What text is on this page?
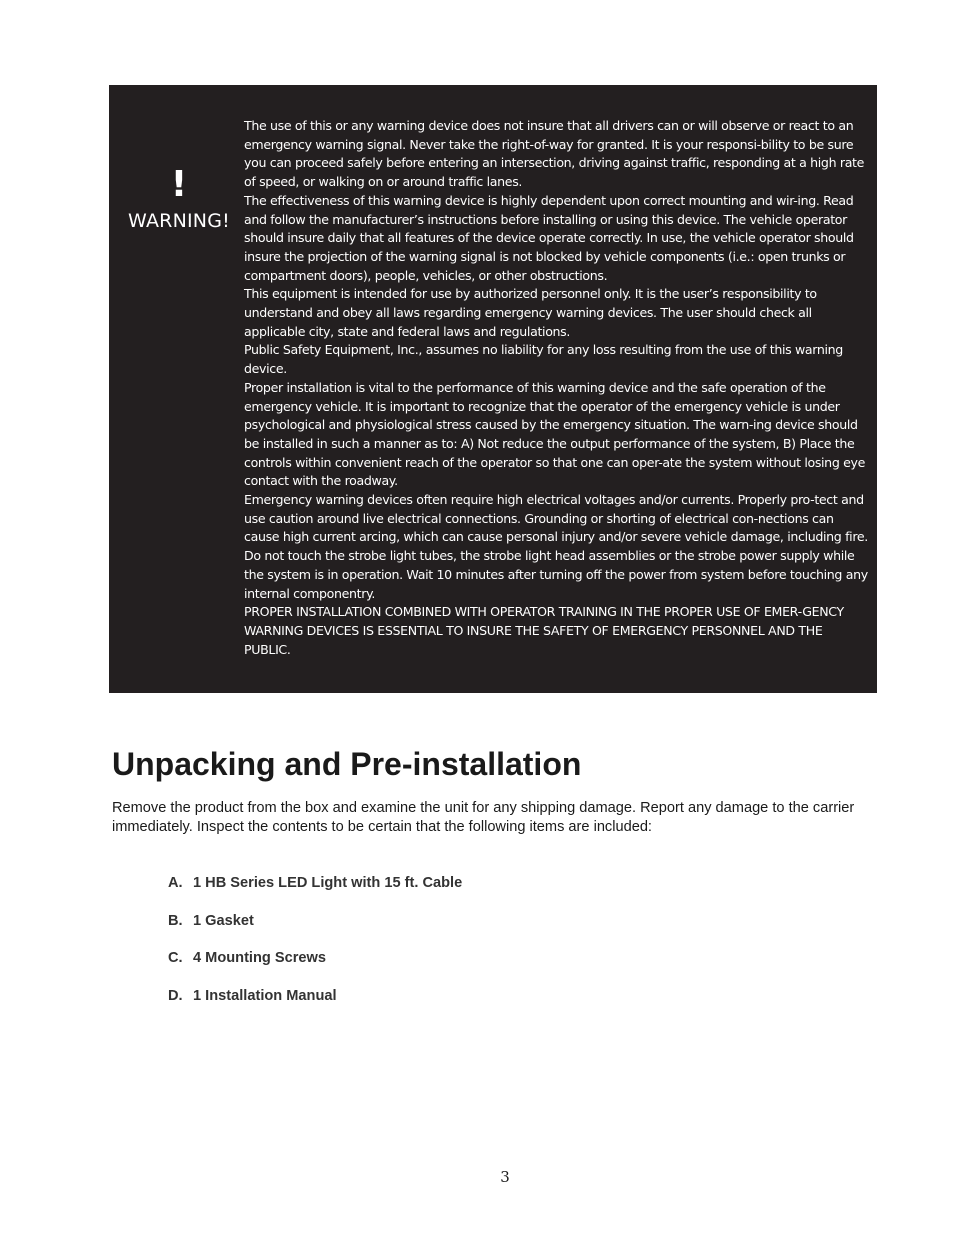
!
WARNING!

The use of this or any warning device does not insure that all drivers can or will observe or react to an emergency warning signal. Never take the right-of-way for granted. It is your responsi-bility to be sure you can proceed safely before entering an intersection, driving against traffic, responding at a high rate of speed, or walking on or around traffic lanes.

The effectiveness of this warning device is highly dependent upon correct mounting and wir-ing. Read and follow the manufacturer’s instructions before installing or using this device. The vehicle operator should insure daily that all features of the device operate correctly. In use, the vehicle operator should insure the projection of the warning signal is not blocked by vehicle components (i.e.: open trunks or compartment doors), people, vehicles, or other obstructions.

This equipment is intended for use by authorized personnel only. It is the user’s responsibility to understand and obey all laws regarding emergency warning devices. The user should check all applicable city, state and federal laws and regulations.

Public Safety Equipment, Inc., assumes no liability for any loss resulting from the use of this warning device.

Proper installation is vital to the performance of this warning device and the safe operation of the emergency vehicle. It is important to recognize that the operator of the emergency vehicle is under psychological and physiological stress caused by the emergency situation. The warn-ing device should be installed in such a manner as to: A) Not reduce the output performance of the system, B) Place the controls within convenient reach of the operator so that one can oper-ate the system without losing eye contact with the roadway.

Emergency warning devices often require high electrical voltages and/or currents. Properly pro-tect and use caution around live electrical connections. Grounding or shorting of electrical con-nections can cause high current arcing, which can cause personal injury and/or severe vehicle damage, including fire. Do not touch the strobe light tubes, the strobe light head assemblies or the strobe power supply while the system is in operation. Wait 10 minutes after turning off the power from system before touching any internal componentry.

PROPER INSTALLATION COMBINED WITH OPERATOR TRAINING IN THE PROPER USE OF EMER-GENCY WARNING DEVICES IS ESSENTIAL TO INSURE THE SAFETY OF EMERGENCY PERSONNEL AND THE PUBLIC.

Unpacking and Pre-installation

Remove the product from the box and examine the unit for any shipping damage. Report any damage to the carrier immediately. Inspect the contents to be certain that the following items are included:

A. 1 HB Series LED Light with 15 ft. Cable
B. 1 Gasket
C. 4 Mounting Screws
D. 1 Installation Manual
3
